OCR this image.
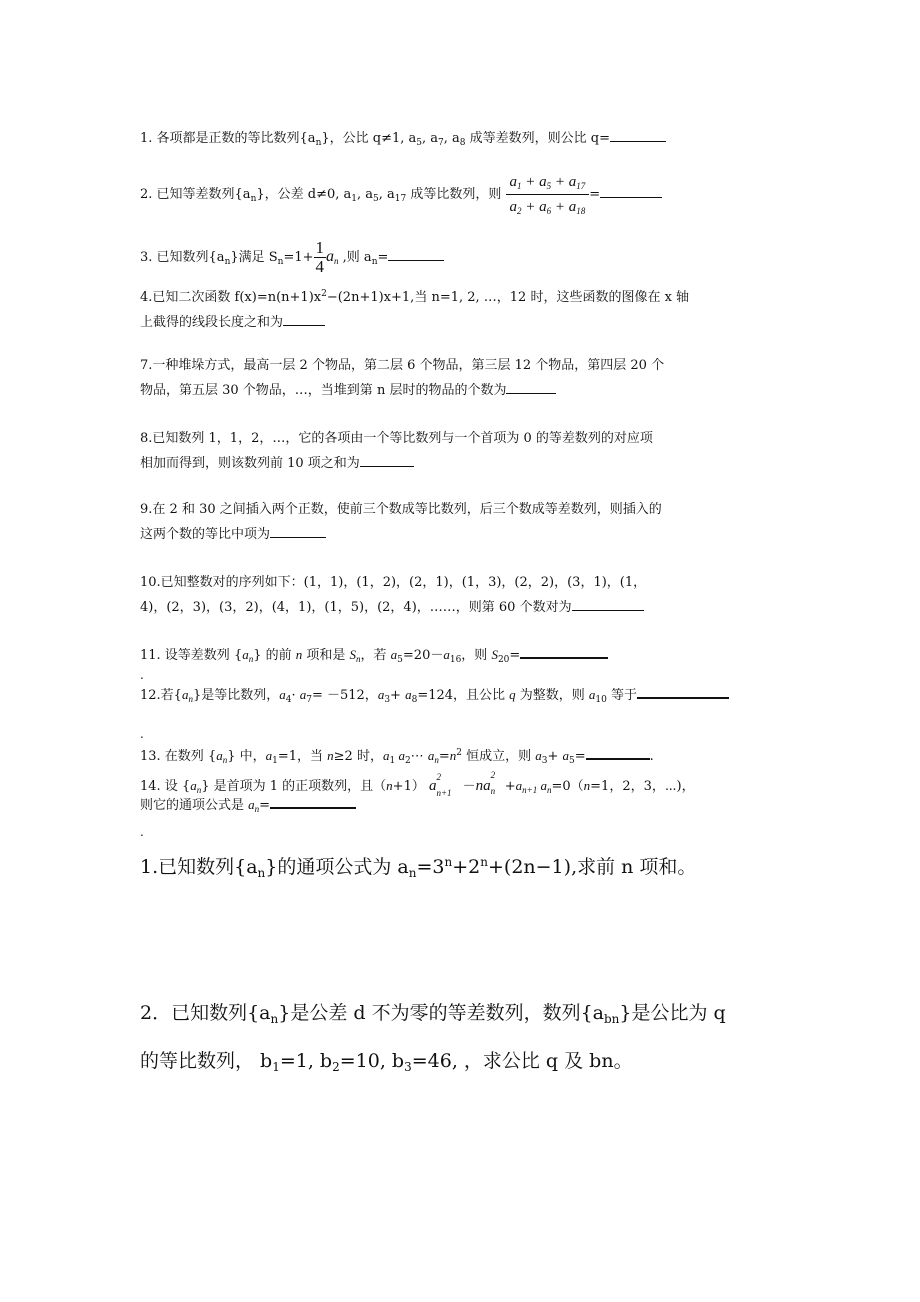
1. 各项都是正数的等比数列$\{a_n\}$，公比 q≠1, $a_5$, $a_7$, $a_8$ 成等差数列，则公比 q=
2. 已知等差数列$\{a_n\}$，公差 d≠0, $a_1$, $a_5$, $a_{17}$ 成等比数列，则 $\frac{a_1 + a_5 + a_{17}}{a_2 + a_6 + a_{18}}$ =
3. 已知数列$\{a_n\}$满足 $S_n=1+ \frac{1}{4} a_n$ ,则 $a_n=$
4.已知二次函数 $f(x)=n(n+1)x^2-(2n+1)x+1$,当 n=1, 2, …，12 时，这些函数的图像在 x 轴
上截得的线段长度之和为
7.一种堆垛方式，最高一层 2 个物品，第二层 6 个物品，第三层 12 个物品，第四层 20 个
物品，第五层 30 个物品，…，当堆到第 n 层时的物品的个数为
8.已知数列 1，1，2，…，它的各项由一个等比数列与一个首项为 0 的等差数列的对应项
相加而得到，则该数列前 10 项之和为
9.在 2 和 30 之间插入两个正数，使前三个数成等比数列，后三个数成等差数列，则插入的
这两个数的等比中项为
10.已知整数对的序列如下：(1，1)，(1，2)，(2，1)，(1，3)，(2，2)，(3，1)，(1，
4)，(2，3)，(3，2)，(4，1)，(1，5)，(2，4)，……，则第 60 个数对为
11. 设等差数列 $\{a_n\}$ 的前 n 项和是 $S_n$，若 $a_5=20-a_{16}$，则 $S_{20}=$
.
12.若$\{a_n\}$是等比数列，$a_4\cdot a_7= -512$，$a_3+ a_8=124$，且公比 q 为整数，则 $a_{10}$ 等于
.
13. 在数列 $\{a_n\}$ 中，$a_1=1$，当 n≥2 时，$a_1$ $a_2\cdots$ $a_n=n^2$ 恒成立，则 $a_3+ a_5=$	.
14. 设 $\{a_n\}$ 是首项为 1 的正项数列，且（n+1） a
2
n+1 －na
2
$n +a_{n+1}$ $a_n=0(n=1$，2，3，⋯)，
则它的通项公式是 $a_n=$
.
1.已知数列$\{a_n\}$的通项公式为 $a_n=3^n+2^n+(2n-1)$,求前 n 项和。
2．已知数列$\{a_n\}$是公差 d 不为零的等差数列，数列$\{a_{bn}\}$是公比为 q
的等比数列， $b_1=1$, $b_2=10$, $b_3=46$, ，求公比 q 及 bn。
